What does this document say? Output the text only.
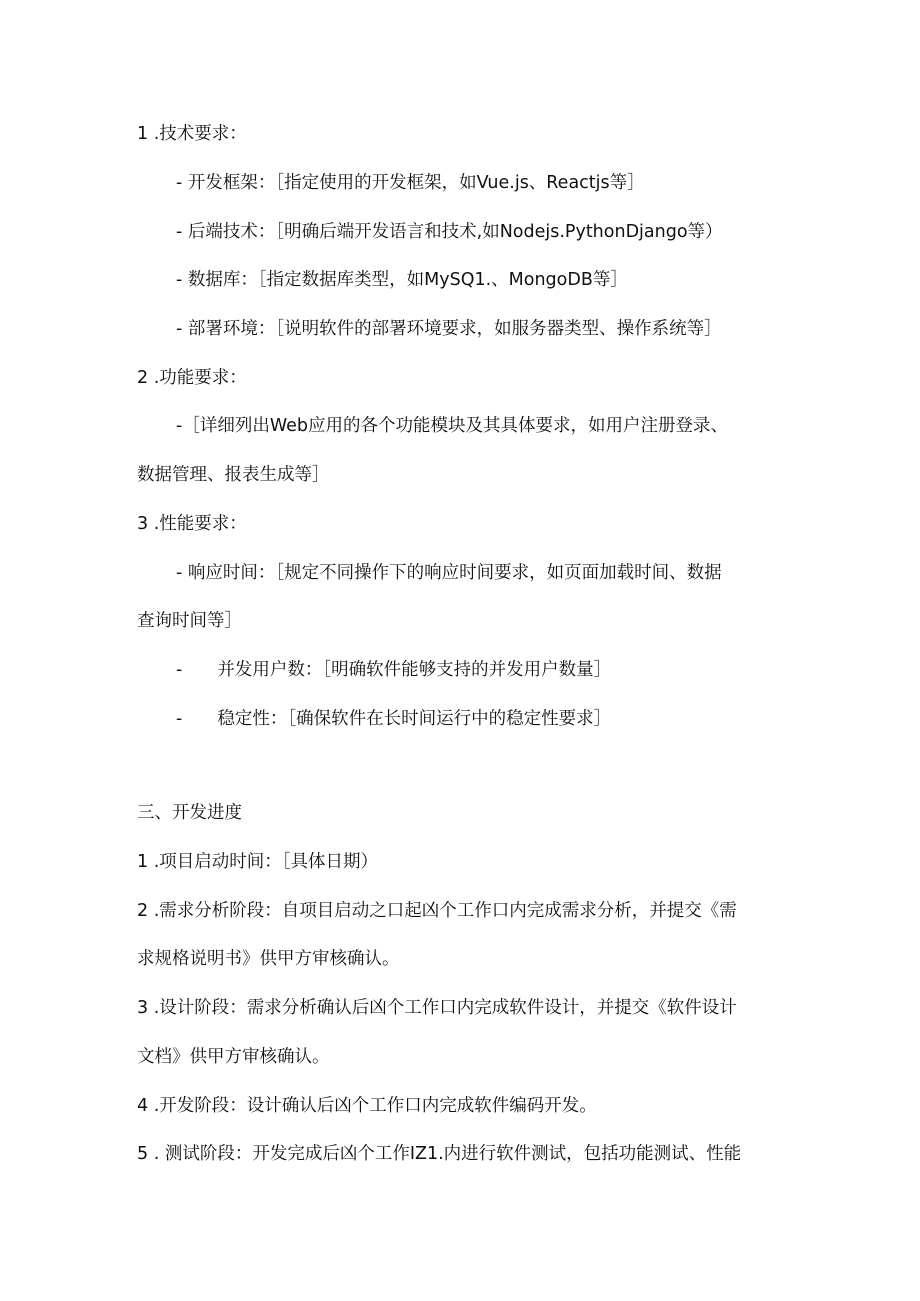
1 .技术要求：
- 开发框架：［指定使用的开发框架，如Vue.js、Reactjs等］
- 后端技术：［明确后端开发语言和技术,如Nodejs.PythonDjango等）
- 数据库：［指定数据库类型，如MySQ1.、MongoDB等］
- 部署环境：［说明软件的部署环境要求，如服务器类型、操作系统等］
2 .功能要求：
-［详细列出Web应用的各个功能模块及其具体要求，如用户注册登录、
数据管理、报表生成等］
3 .性能要求：
- 响应时间：［规定不同操作下的响应时间要求，如页面加载时间、数据
查询时间等］
-　　并发用户数：［明确软件能够支持的并发用户数量］
-　　稳定性：［确保软件在长时间运行中的稳定性要求］
三、开发进度
1 .项目启动时间：［具体日期）
2 .需求分析阶段：自项目启动之口起凶个工作口内完成需求分析，并提交《需
求规格说明书》供甲方审核确认。
3 .设计阶段：需求分析确认后凶个工作口内完成软件设计，并提交《软件设计
文档》供甲方审核确认。
4 .开发阶段：设计确认后凶个工作口内完成软件编码开发。
5 . 测试阶段：开发完成后凶个工作IZ1.内进行软件测试，包括功能测试、性能
